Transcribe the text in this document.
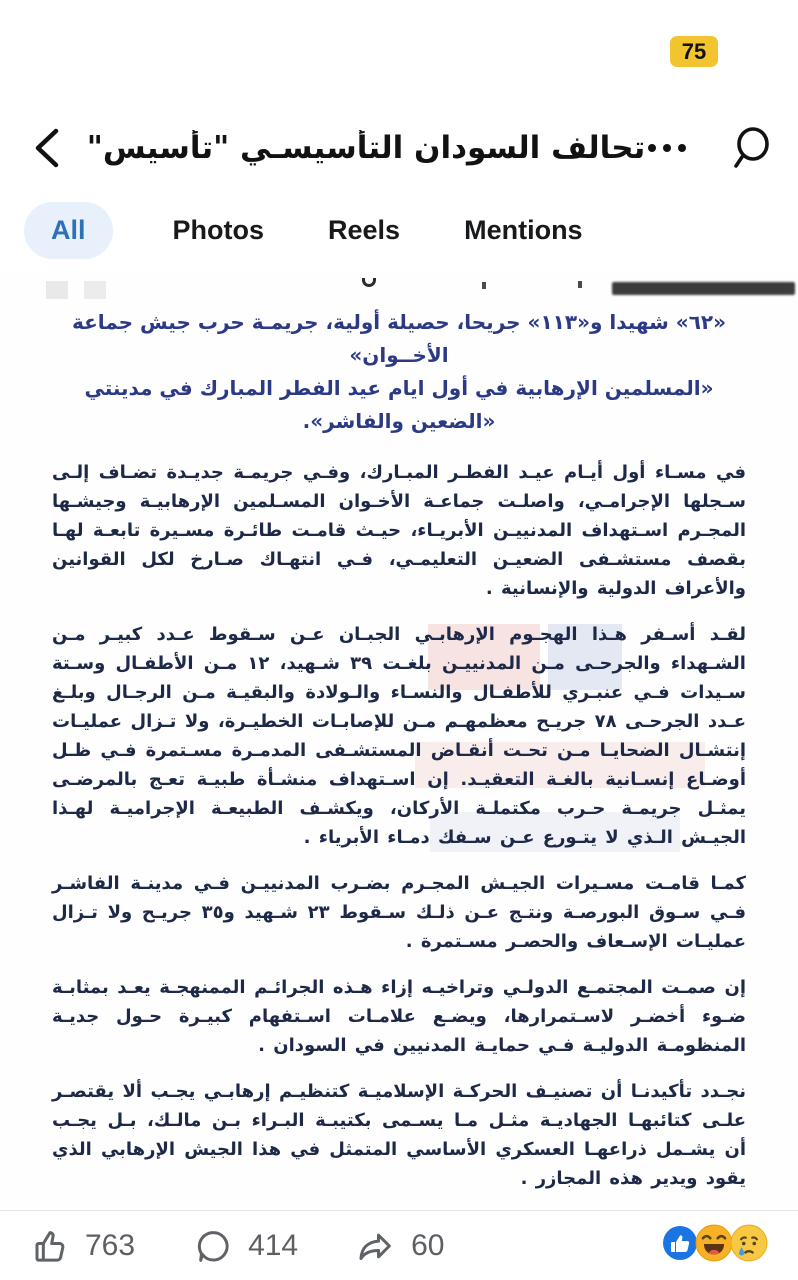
75
تحالف السودان التأسيسـي "تأسيس"
All	Photos Reels Mentions
«٦٢» شهيدا و«١١٣» جريحا، حصيلة أولية، جريمـة حرب جيش جماعة الأخــوان»
«المسلمين الإرهابية في أول ايام عيد الفطر المبارك في مدينتي «الضعين والفاشر».

في مسـاء أول أيـام عيـد الفطـر المبـارك، وفـي جريمـة جديـدة تضـاف إلـى سـجلها الإجرامـي، واصلـت جماعـة الأخـوان المسـلمين الإرهابيـة وجيشـها المجـرم اسـتهداف المدنييـن الأبريـاء، حيـث قامـت طائـرة مسـيرة تابعـة لهـا بقصف مستشـفى الضعيـن التعليمـي، فـي انتهـاك صـارخ لكل القوانين والأعراف الدولية والإنسانية .

لقـد أسـفر هـذا الهجـوم الإرهابـي الجبـان عـن سـقوط عـدد كبيـر مـن الشـهداء والجرحـى مـن المدنييـن بلغـت ٣٩ شـهيد، ١٢ مـن الأطفـال وسـتة سـيدات فـي عنبـري للأطفـال والنسـاء والـولادة والبقيـة مـن الرجـال وبلـغ عـدد الجرحـى ٧٨ جريـح معظمهـم مـن للإصابـات الخطيـرة، ولا تـزال عمليـات إنتشـال الضحايـا مـن تحـت أنقـاض المستشـفى المدمـرة مسـتمرة فـي ظـل أوضـاع إنسـانية بالغـة التعقيـد. إن اسـتهداف منشـأة طبيـة تعـج بالمرضـى يمثـل جريمـة حـرب مكتملـة الأركان، ويكشـف الطبيعـة الإجراميـة لهـذا الجيـش الـذي لا يتـورع عـن سـفك دمـاء الأبرياء .

كمـا قامـت مسـيرات الجيـش المجـرم بضـرب المدنييـن فـي مدينـة الفاشـر فـي سـوق البورصـة ونتـج عـن ذلـك سـقوط ٢٣ شـهيد و٣٥ جريـح ولا تـزال عمليـات الإسـعاف والحصـر مسـتمرة .

إن صمـت المجتمـع الدولـي وتراخيـه إزاء هـذه الجرائـم الممنهجـة يعـد بمثابـة ضـوء أخضـر لاسـتمرارها، ويضـع علامـات اسـتفهام كبيـرة حـول جديـة المنظومـة الدوليـة فـي حمايـة المدنيين في السودان .

نجـدد تأكيدنـا أن تصنيـف الحركـة الإسلاميـة كتنظيـم إرهابـي يجـب ألا يقتصـر علـى كتائبهـا الجهاديـة مثـل مـا يسـمى بكتيبـة البـراء بـن مالـك، بـل يجـب أن يشـمل ذراعهـا العسكري الأساسي المتمثل في هذا الجيش الإرهابي الذي يقود ويدير هذه المجازر .

763	414	60
